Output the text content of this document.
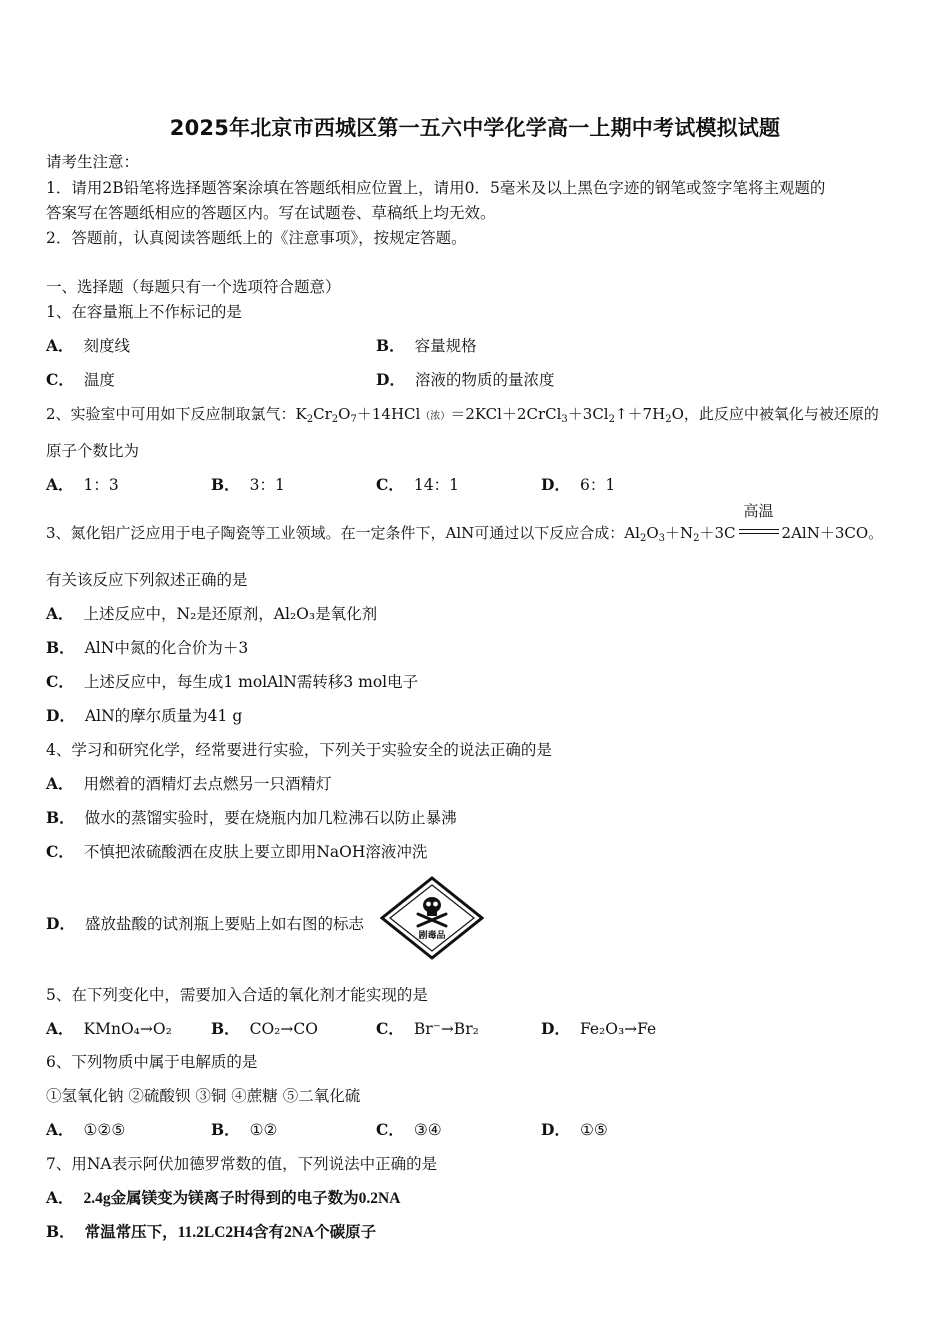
2025年北京市西城区第一五六中学化学高一上期中考试模拟试题
请考生注意：
1．请用2B铅笔将选择题答案涂填在答题纸相应位置上，请用0．5毫米及以上黑色字迹的钢笔或签字笔将主观题的
答案写在答题纸相应的答题区内。写在试题卷、草稿纸上均无效。
2．答题前，认真阅读答题纸上的《注意事项》，按规定答题。
一、选择题（每题只有一个选项符合题意）
1、在容量瓶上不作标记的是
A． 刻度线	B． 容量规格
C． 温度	D． 溶液的物质的量浓度
2、实验室中可用如下反应制取氯气：$K_2Cr_2O_7+14HCl$（浓）$=2KCl+2CrCl_3+3Cl_2↑+7H_2O$，此反应中被氧化与被还原的
原子个数比为
A． 1：3	B． 3：1	C． 14：1	D． 6：1
3、氮化铝广泛应用于电子陶瓷等工业领域。在一定条件下，AlN可通过以下反应合成：$Al_2O_3+N_2+3C$
高温
2AlN＋3CO。
有关该反应下列叙述正确的是
A． 上述反应中，N₂是还原剂，Al₂O₃是氧化剂
B． AlN中氮的化合价为＋3
C． 上述反应中，每生成1 molAlN需转移3 mol电子
D． AlN的摩尔质量为41 g
4、学习和研究化学，经常要进行实验，下列关于实验安全的说法正确的是
A． 用燃着的酒精灯去点燃另一只酒精灯
B． 做水的蒸馏实验时，要在烧瓶内加几粒沸石以防止暴沸
C． 不慎把浓硫酸洒在皮肤上要立即用NaOH溶液冲洗
D． 盛放盐酸的试剂瓶上要贴上如右图的标志
剧毒品
5、在下列变化中，需要加入合适的氧化剂才能实现的是
A． KMnO₄→O₂	B． CO₂→CO	C． Br⁻→Br₂	D． Fe₂O₃→Fe
6、下列物质中属于电解质的是
①氢氧化钠 ②硫酸钡 ③铜 ④蔗糖 ⑤二氧化硫
A． ①②⑤	B． ①②	C． ③④	D． ①⑤
7、用NA表示阿伏加德罗常数的值，下列说法中正确的是
A． 2.4g金属镁变为镁离子时得到的电子数为0.2NA
B． 常温常压下，11.2LC2H4含有2NA个碳原子
